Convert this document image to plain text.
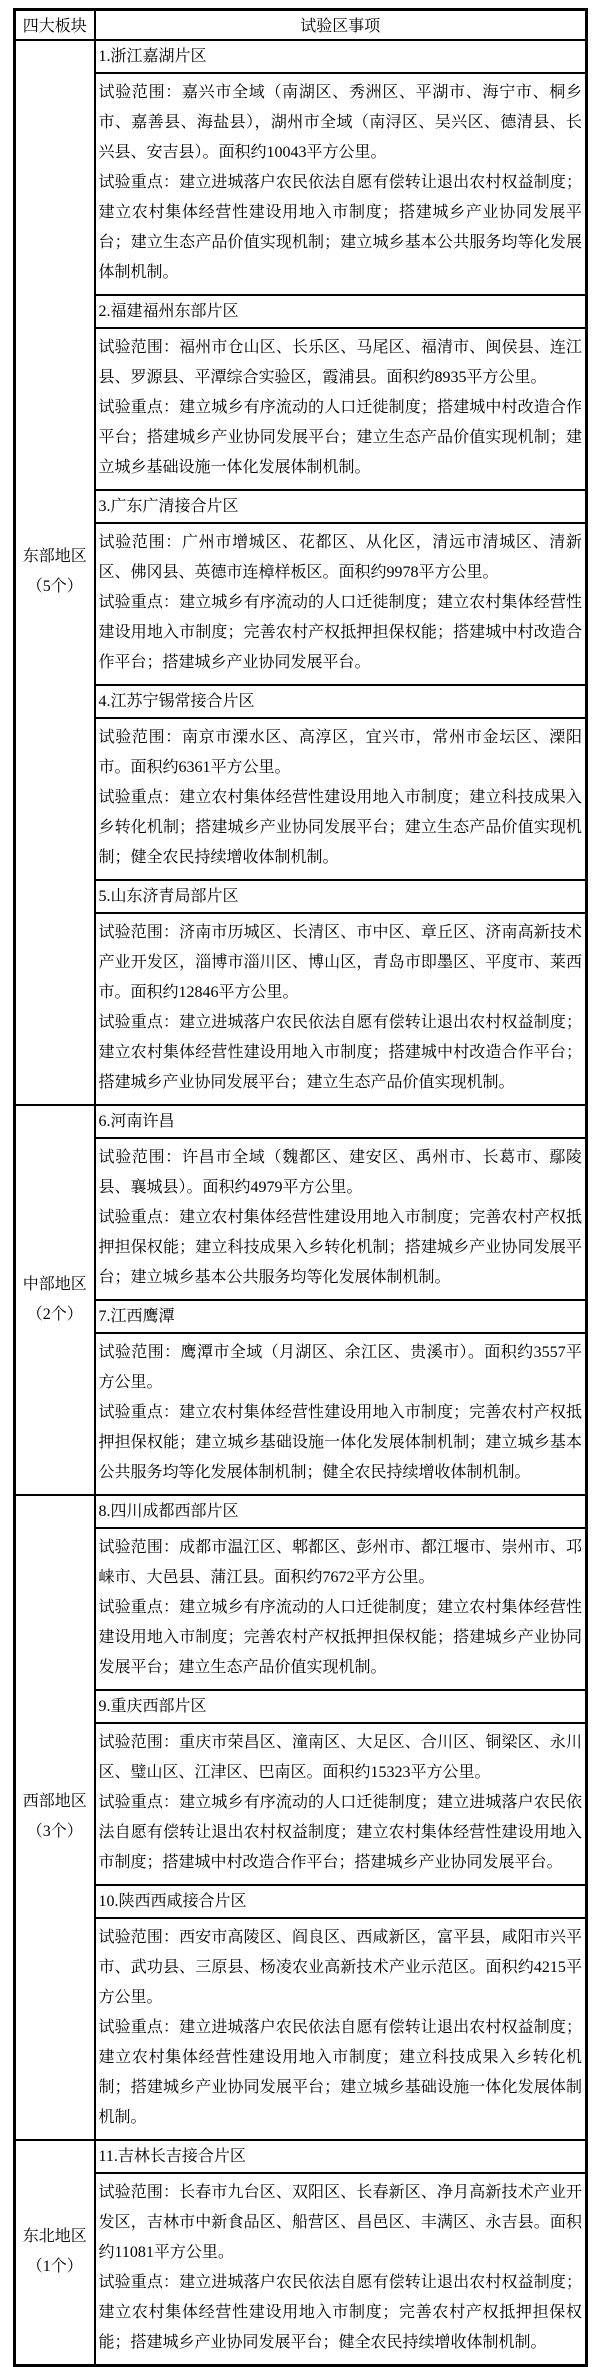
四大板块	试验区事项

东部地区
（5个）	1.浙江嘉湖片区

	试验范围：嘉兴市全域（南湖区、秀洲区、平湖市、海宁市、桐乡市、嘉善县、海盐县），湖州市全域（南浔区、吴兴区、德清县、长兴县、安吉县）。面积约10043平方公里。

试验重点：建立进城落户农民依法自愿有偿转让退出农村权益制度；建立农村集体经营性建设用地入市制度；搭建城乡产业协同发展平台；建立生态产品价值实现机制；建立城乡基本公共服务均等化发展体制机制。

	2.福建福州东部片区

	试验范围：福州市仓山区、长乐区、马尾区、福清市、闽侯县、连江县、罗源县、平潭综合实验区，霞浦县。面积约8935平方公里。

试验重点：建立城乡有序流动的人口迁徙制度；搭建城中村改造合作平台；搭建城乡产业协同发展平台；建立生态产品价值实现机制；建立城乡基础设施一体化发展体制机制。

	3.广东广清接合片区

	试验范围：广州市增城区、花都区、从化区，清远市清城区、清新区、佛冈县、英德市连樟样板区。面积约9978平方公里。

试验重点：建立城乡有序流动的人口迁徙制度；建立农村集体经营性建设用地入市制度；完善农村产权抵押担保权能；搭建城中村改造合作平台；搭建城乡产业协同发展平台。

	4.江苏宁锡常接合片区

	试验范围：南京市溧水区、高淳区，宜兴市，常州市金坛区、溧阳市。面积约6361平方公里。

试验重点：建立农村集体经营性建设用地入市制度；建立科技成果入乡转化机制；搭建城乡产业协同发展平台；建立生态产品价值实现机制；健全农民持续增收体制机制。

	5.山东济青局部片区

	试验范围：济南市历城区、长清区、市中区、章丘区、济南高新技术产业开发区，淄博市淄川区、博山区，青岛市即墨区、平度市、莱西市。面积约12846平方公里。

试验重点：建立进城落户农民依法自愿有偿转让退出农村权益制度；建立农村集体经营性建设用地入市制度；搭建城中村改造合作平台；搭建城乡产业协同发展平台；建立生态产品价值实现机制。

中部地区
（2个）	6.河南许昌

	试验范围：许昌市全域（魏都区、建安区、禹州市、长葛市、鄢陵县、襄城县）。面积约4979平方公里。

试验重点：建立农村集体经营性建设用地入市制度；完善农村产权抵押担保权能；建立科技成果入乡转化机制；搭建城乡产业协同发展平台；建立城乡基本公共服务均等化发展体制机制。

	7.江西鹰潭

	试验范围：鹰潭市全域（月湖区、余江区、贵溪市）。面积约3557平方公里。

试验重点：建立农村集体经营性建设用地入市制度；完善农村产权抵押担保权能；建立城乡基础设施一体化发展体制机制；建立城乡基本公共服务均等化发展体制机制；健全农民持续增收体制机制。

西部地区
（3个）	8.四川成都西部片区

	试验范围：成都市温江区、郫都区、彭州市、都江堰市、崇州市、邛崃市、大邑县、蒲江县。面积约7672平方公里。

试验重点：建立城乡有序流动的人口迁徙制度；建立农村集体经营性建设用地入市制度；完善农村产权抵押担保权能；搭建城乡产业协同发展平台；建立生态产品价值实现机制。

	9.重庆西部片区

	试验范围：重庆市荣昌区、潼南区、大足区、合川区、铜梁区、永川区、璧山区、江津区、巴南区。面积约15323平方公里。

试验重点：建立城乡有序流动的人口迁徙制度；建立进城落户农民依法自愿有偿转让退出农村权益制度；建立农村集体经营性建设用地入市制度；搭建城中村改造合作平台；搭建城乡产业协同发展平台。

	10.陕西西咸接合片区

	试验范围：西安市高陵区、阎良区、西咸新区，富平县，咸阳市兴平市、武功县、三原县、杨凌农业高新技术产业示范区。面积约4215平方公里。

试验重点：建立进城落户农民依法自愿有偿转让退出农村权益制度；建立农村集体经营性建设用地入市制度；建立科技成果入乡转化机制；搭建城乡产业协同发展平台；建立城乡基础设施一体化发展体制机制。

东北地区
（1个）	11.吉林长吉接合片区

	试验范围：长春市九台区、双阳区、长春新区、净月高新技术产业开发区，吉林市中新食品区、船营区、昌邑区、丰满区、永吉县。面积约11081平方公里。

试验重点：建立进城落户农民依法自愿有偿转让退出农村权益制度；建立农村集体经营性建设用地入市制度；完善农村产权抵押担保权能；搭建城乡产业协同发展平台；健全农民持续增收体制机制。
